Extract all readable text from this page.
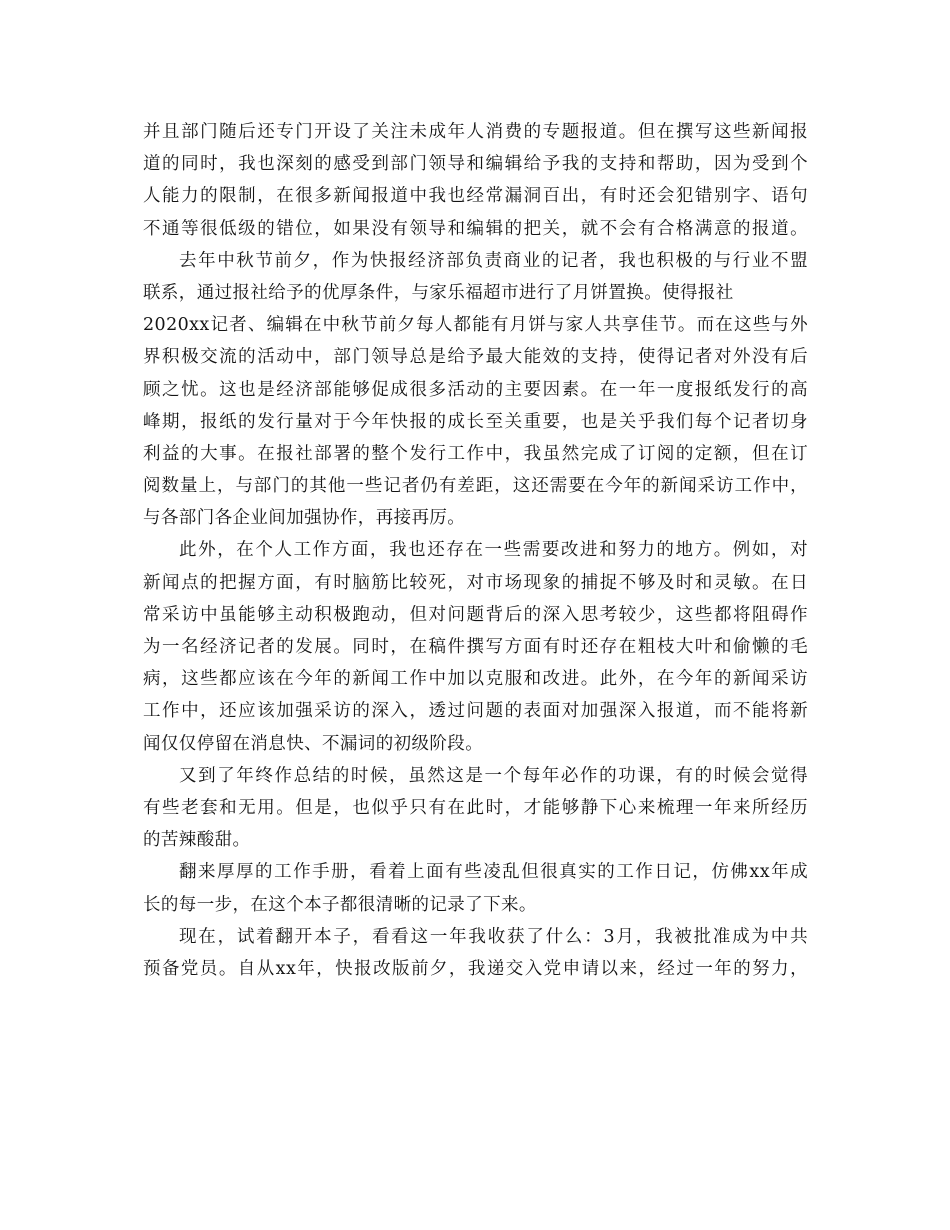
并且部门随后还专门开设了关注未成年人消费的专题报道。但在撰写这些新闻报
道的同时，我也深刻的感受到部门领导和编辑给予我的支持和帮助，因为受到个
人能力的限制，在很多新闻报道中我也经常漏洞百出，有时还会犯错别字、语句
不通等很低级的错位，如果没有领导和编辑的把关，就不会有合格满意的报道。
去年中秋节前夕，作为快报经济部负责商业的记者，我也积极的与行业不盟
联系，通过报社给予的优厚条件，与家乐福超市进行了月饼置换。使得报社
2020xx记者、编辑在中秋节前夕每人都能有月饼与家人共享佳节。而在这些与外
界积极交流的活动中，部门领导总是给予最大能效的支持，使得记者对外没有后
顾之忧。这也是经济部能够促成很多活动的主要因素。在一年一度报纸发行的高
峰期，报纸的发行量对于今年快报的成长至关重要，也是关乎我们每个记者切身
利益的大事。在报社部署的整个发行工作中，我虽然完成了订阅的定额，但在订
阅数量上，与部门的其他一些记者仍有差距，这还需要在今年的新闻采访工作中，
与各部门各企业间加强协作，再接再厉。
此外，在个人工作方面，我也还存在一些需要改进和努力的地方。例如，对
新闻点的把握方面，有时脑筋比较死，对市场现象的捕捉不够及时和灵敏。在日
常采访中虽能够主动积极跑动，但对问题背后的深入思考较少，这些都将阻碍作
为一名经济记者的发展。同时，在稿件撰写方面有时还存在粗枝大叶和偷懒的毛
病，这些都应该在今年的新闻工作中加以克服和改进。此外，在今年的新闻采访
工作中，还应该加强采访的深入，透过问题的表面对加强深入报道，而不能将新
闻仅仅停留在消息快、不漏词的初级阶段。
又到了年终作总结的时候，虽然这是一个每年必作的功课，有的时候会觉得
有些老套和无用。但是，也似乎只有在此时，才能够静下心来梳理一年来所经历
的苦辣酸甜。
翻来厚厚的工作手册，看着上面有些凌乱但很真实的工作日记，仿佛xx年成
长的每一步，在这个本子都很清晰的记录了下来。
现在，试着翻开本子，看看这一年我收获了什么：3月，我被批准成为中共
预备党员。自从xx年，快报改版前夕，我递交入党申请以来，经过一年的努力，
